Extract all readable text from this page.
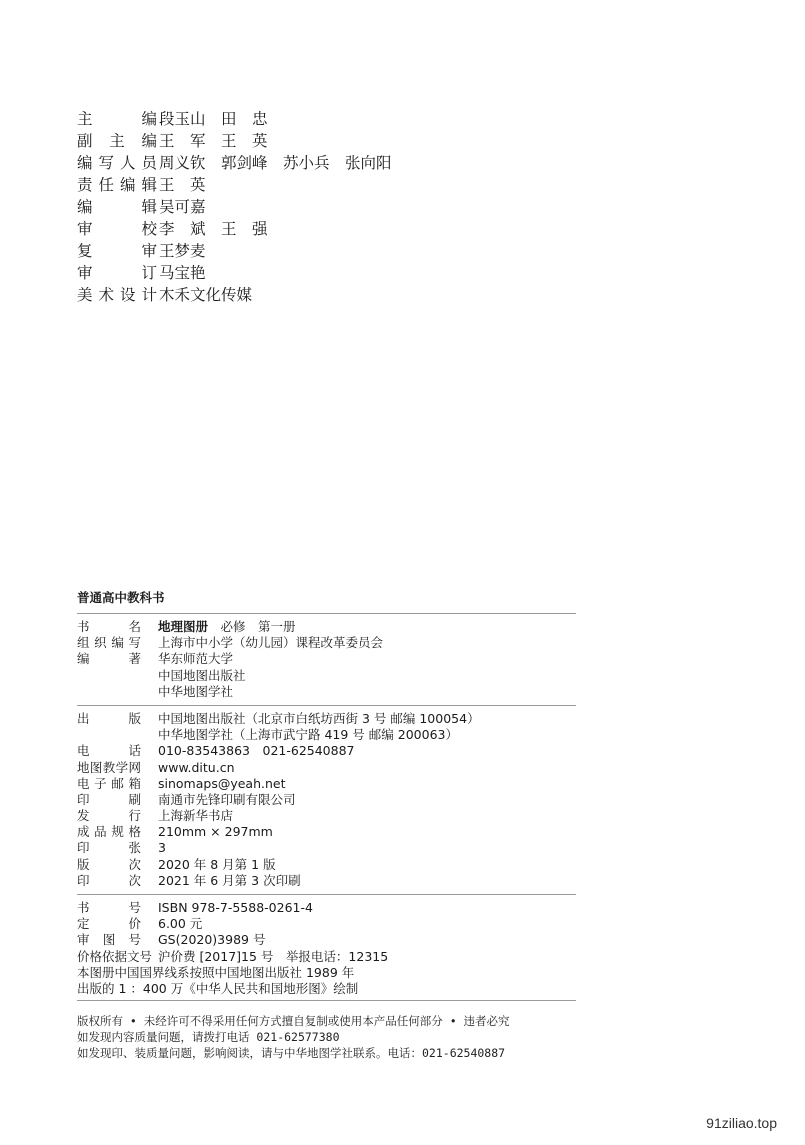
主编 段玉山　田　忠
副主编 王　军　王　英
编写人员 周义钦　郭剑峰　苏小兵　张向阳
责任编辑 王　英
编辑 吴可嘉
审校 李　斌　王　强
复审 王梦麦
审订 马宝艳
美术设计 木禾文化传媒
普通高中教科书
书名 地理图册　必修　第一册
组织编写 上海市中小学（幼儿园）课程改革委员会
编著 华东师范大学
中国地图出版社
中华地图学社
出版 中国地图出版社（北京市白纸坊西街 3 号 邮编 100054）
中华地图学社（上海市武宁路 419 号 邮编 200063）
电话 010-83543863　021-62540887
地图教学网 www.ditu.cn
电子邮箱 sinomaps@yeah.net
印刷 南通市先锋印刷有限公司
发行 上海新华书店
成品规格 210mm × 297mm
印张 3
版次 2020 年 8 月第 1 版
印次 2021 年 6 月第 3 次印刷
书号 ISBN 978-7-5588-0261-4
定价 6.00 元
审图号 GS(2020)3989 号
价格依据文号 沪价费 [2017]15 号　举报电话：12315
本图册中国国界线系按照中国地图出版社 1989 年
出版的 1 ：400 万《中华人民共和国地形图》绘制
版权所有 • 未经许可不得采用任何方式擅自复制或使用本产品任何部分 • 违者必究
如发现内容质量问题，请拨打电话 021-62577380
如发现印、装质量问题，影响阅读，请与中华地图学社联系。电话：021-62540887
91ziliao.top
